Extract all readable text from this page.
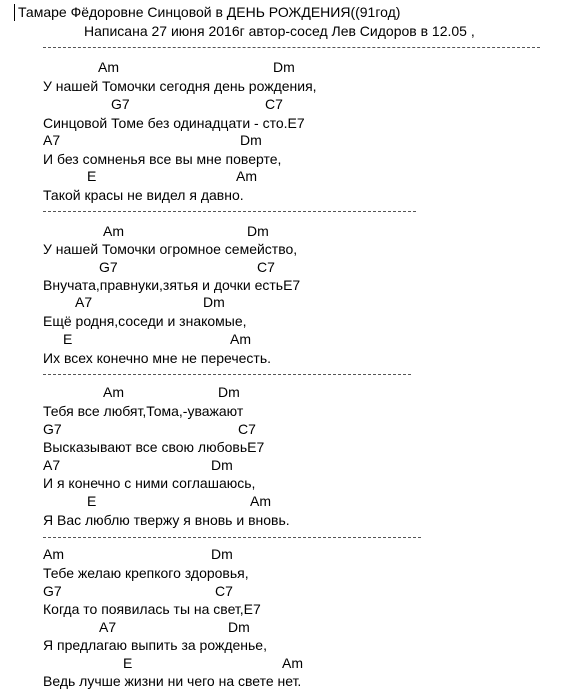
Тамаре Фёдоровне Синцовой в ДЕНЬ РОЖДЕНИЯ((91год)
Написана 27 июня 2016г автор-сосед Лев Сидоров в 12.05 ,
Am	Dm
У нашей Томочки сегодня день рождения,
G7	C7
Синцовой Томе без одинадцати - сто.E7
A7	Dm
И без сомненья все вы мне поверте,
E	Am
Такой красы не видел я давно.
Am	Dm
У нашей Томочки огромное семейство,
G7	C7
Внучата,правнуки,зятья и дочки естьE7
A7	Dm
Ещё родня,соседи и знакомые,
E	Am
Их всех конечно мне не перечесть.
Am	Dm
Тебя все любят,Тома,-уважают
G7	C7
Высказывают все свою любовьE7
A7	Dm
И я конечно с ними соглашаюсь,
E	Am
Я Вас люблю твержу я вновь и вновь.
Am	Dm
Тебе желаю крепкого здоровья,
G7	C7
Когда то появилась ты на свет,E7
A7	Dm
Я предлагаю выпить за рожденье,
E	Am
Ведь лучше жизни ни чего на свете нет.
